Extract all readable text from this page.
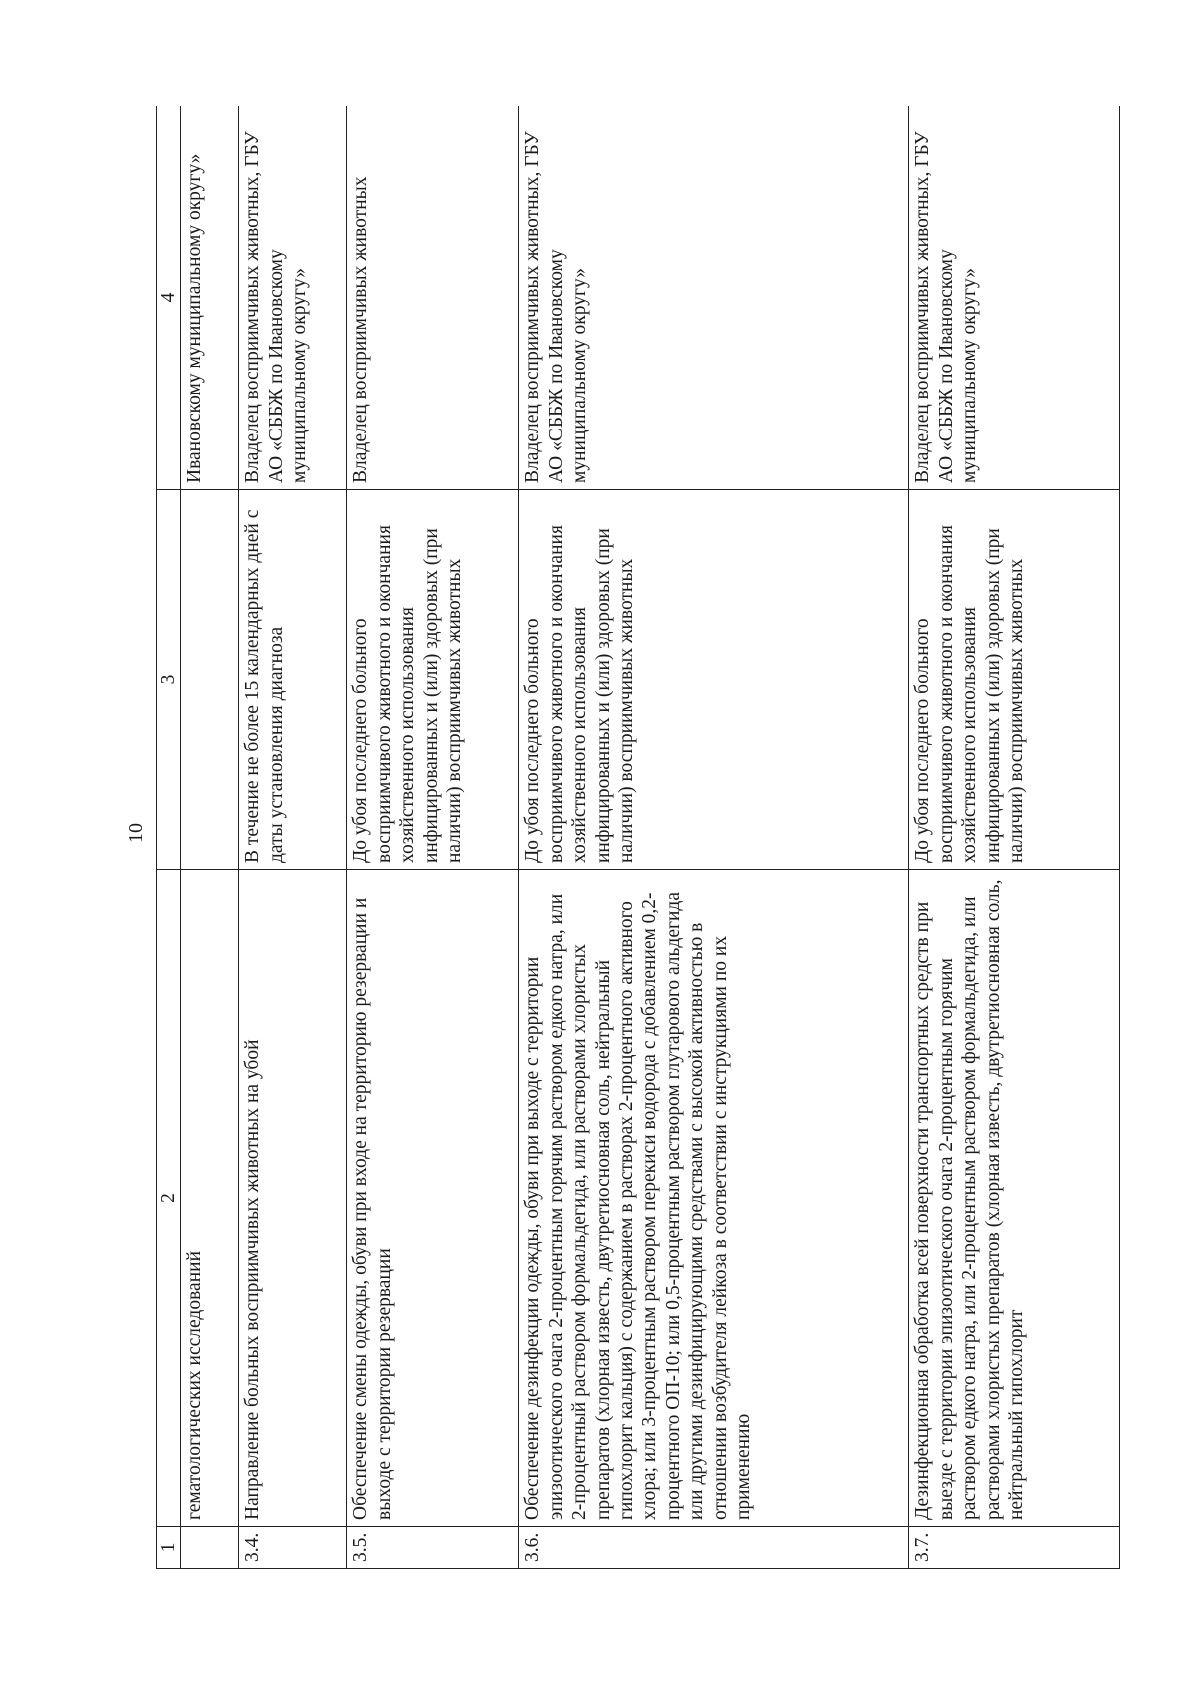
10
1	2	3	4
	гематологических исследований		Ивановскому муниципальному округу»
3.4.	Направление больных восприимчивых животных на убой	В течение не более 15 календарных дней с даты установления диагноза	Владелец восприимчивых животных, ГБУ АО «СББЖ по Ивановскому муниципальному округу»
3.5.	Обеспечение смены одежды, обуви при входе на территорию резервации и выходе с территории резервации	До убоя последнего больного восприимчивого животного и окончания хозяйственного использования инфицированных и (или) здоровых (при наличии) восприимчивых животных	Владелец восприимчивых животных
3.6.	Обеспечение дезинфекции одежды, обуви при выходе с территории эпизоотического очага 2-процентным горячим раствором едкого натра, или 2-процентный раствором формальдегида, или растворами хлористых препаратов (хлорная известь, двутретиосновная соль, нейтральный гипохлорит кальция) с содержанием в растворах 2-процентного активного хлора; или 3-процентным раствором перекиси водорода с добавлением 0,2-процентного ОП-10; или 0,5-процентным раствором глутарового альдегида или другими дезинфицирующими средствами с высокой активностью в отношении возбудителя лейкоза в соответствии с инструкциями по их применению	До убоя последнего больного восприимчивого животного и окончания хозяйственного использования инфицированных и (или) здоровых (при наличии) восприимчивых животных	Владелец восприимчивых животных, ГБУ АО «СББЖ по Ивановскому муниципальному округу»
3.7.	Дезинфекционная обработка всей поверхности транспортных средств при выезде с территории эпизоотического очага 2-процентным горячим раствором едкого натра, или 2-процентным раствором формальдегида, или растворами хлористых препаратов (хлорная известь, двутретиосновная соль, нейтральный гипохлорит	До убоя последнего больного восприимчивого животного и окончания хозяйственного использования инфицированных и (или) здоровых (при наличии) восприимчивых животных	Владелец восприимчивых животных, ГБУ АО «СББЖ по Ивановскому муниципальному округу»
